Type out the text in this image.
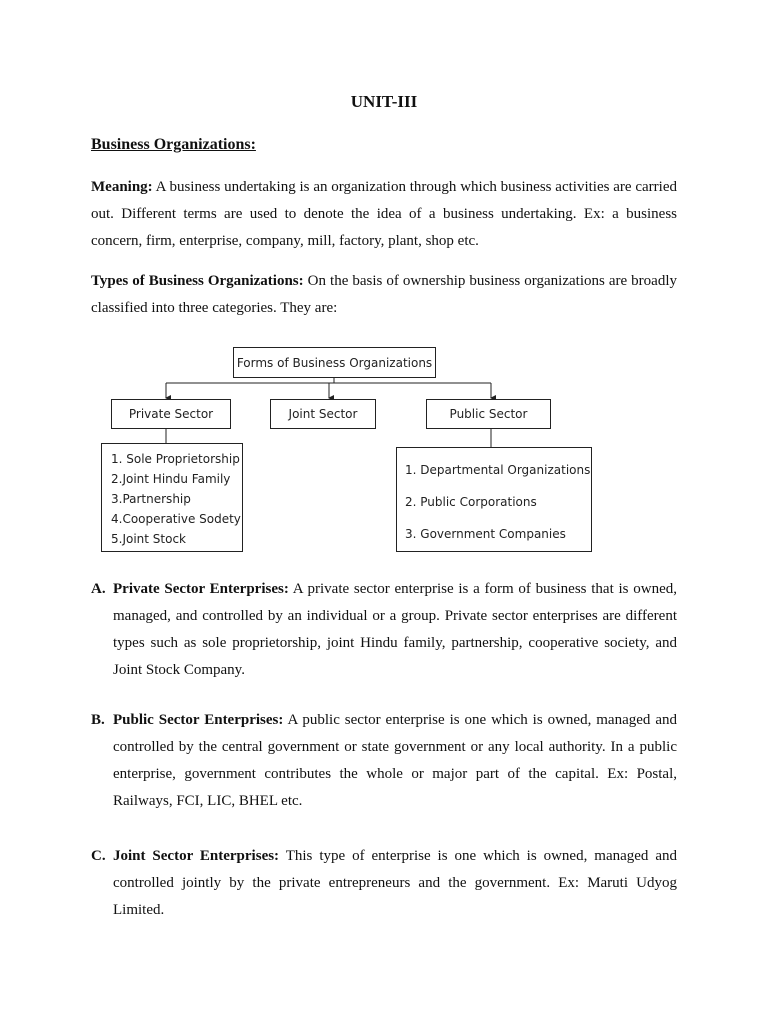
UNIT-III
Business Organizations:
Meaning: A business undertaking is an organization through which business activities are carried out. Different terms are used to denote the idea of a business undertaking. Ex: a business concern, firm, enterprise, company, mill, factory, plant, shop etc.
Types of Business Organizations: On the basis of ownership business organizations are broadly classified into three categories. They are:
Forms of Business Organizations
Private Sector	Joint Sector	Public Sector
1. Sole Proprietorship
2.Joint Hindu Family
3.Partnership
4.Cooperative Sodety
5.Joint Stock
1. Departmental Organizations
2. Public Corporations
3. Government Companies
A. Private Sector Enterprises: A private sector enterprise is a form of business that is owned, managed, and controlled by an individual or a group. Private sector enterprises are different types such as sole proprietorship, joint Hindu family, partnership, cooperative society, and Joint Stock Company.
B. Public Sector Enterprises: A public sector enterprise is one which is owned, managed and controlled by the central government or state government or any local authority. In a public enterprise, government contributes the whole or major part of the capital. Ex: Postal, Railways, FCI, LIC, BHEL etc.
C. Joint Sector Enterprises: This type of enterprise is one which is owned, managed and controlled jointly by the private entrepreneurs and the government. Ex: Maruti Udyog Limited.
